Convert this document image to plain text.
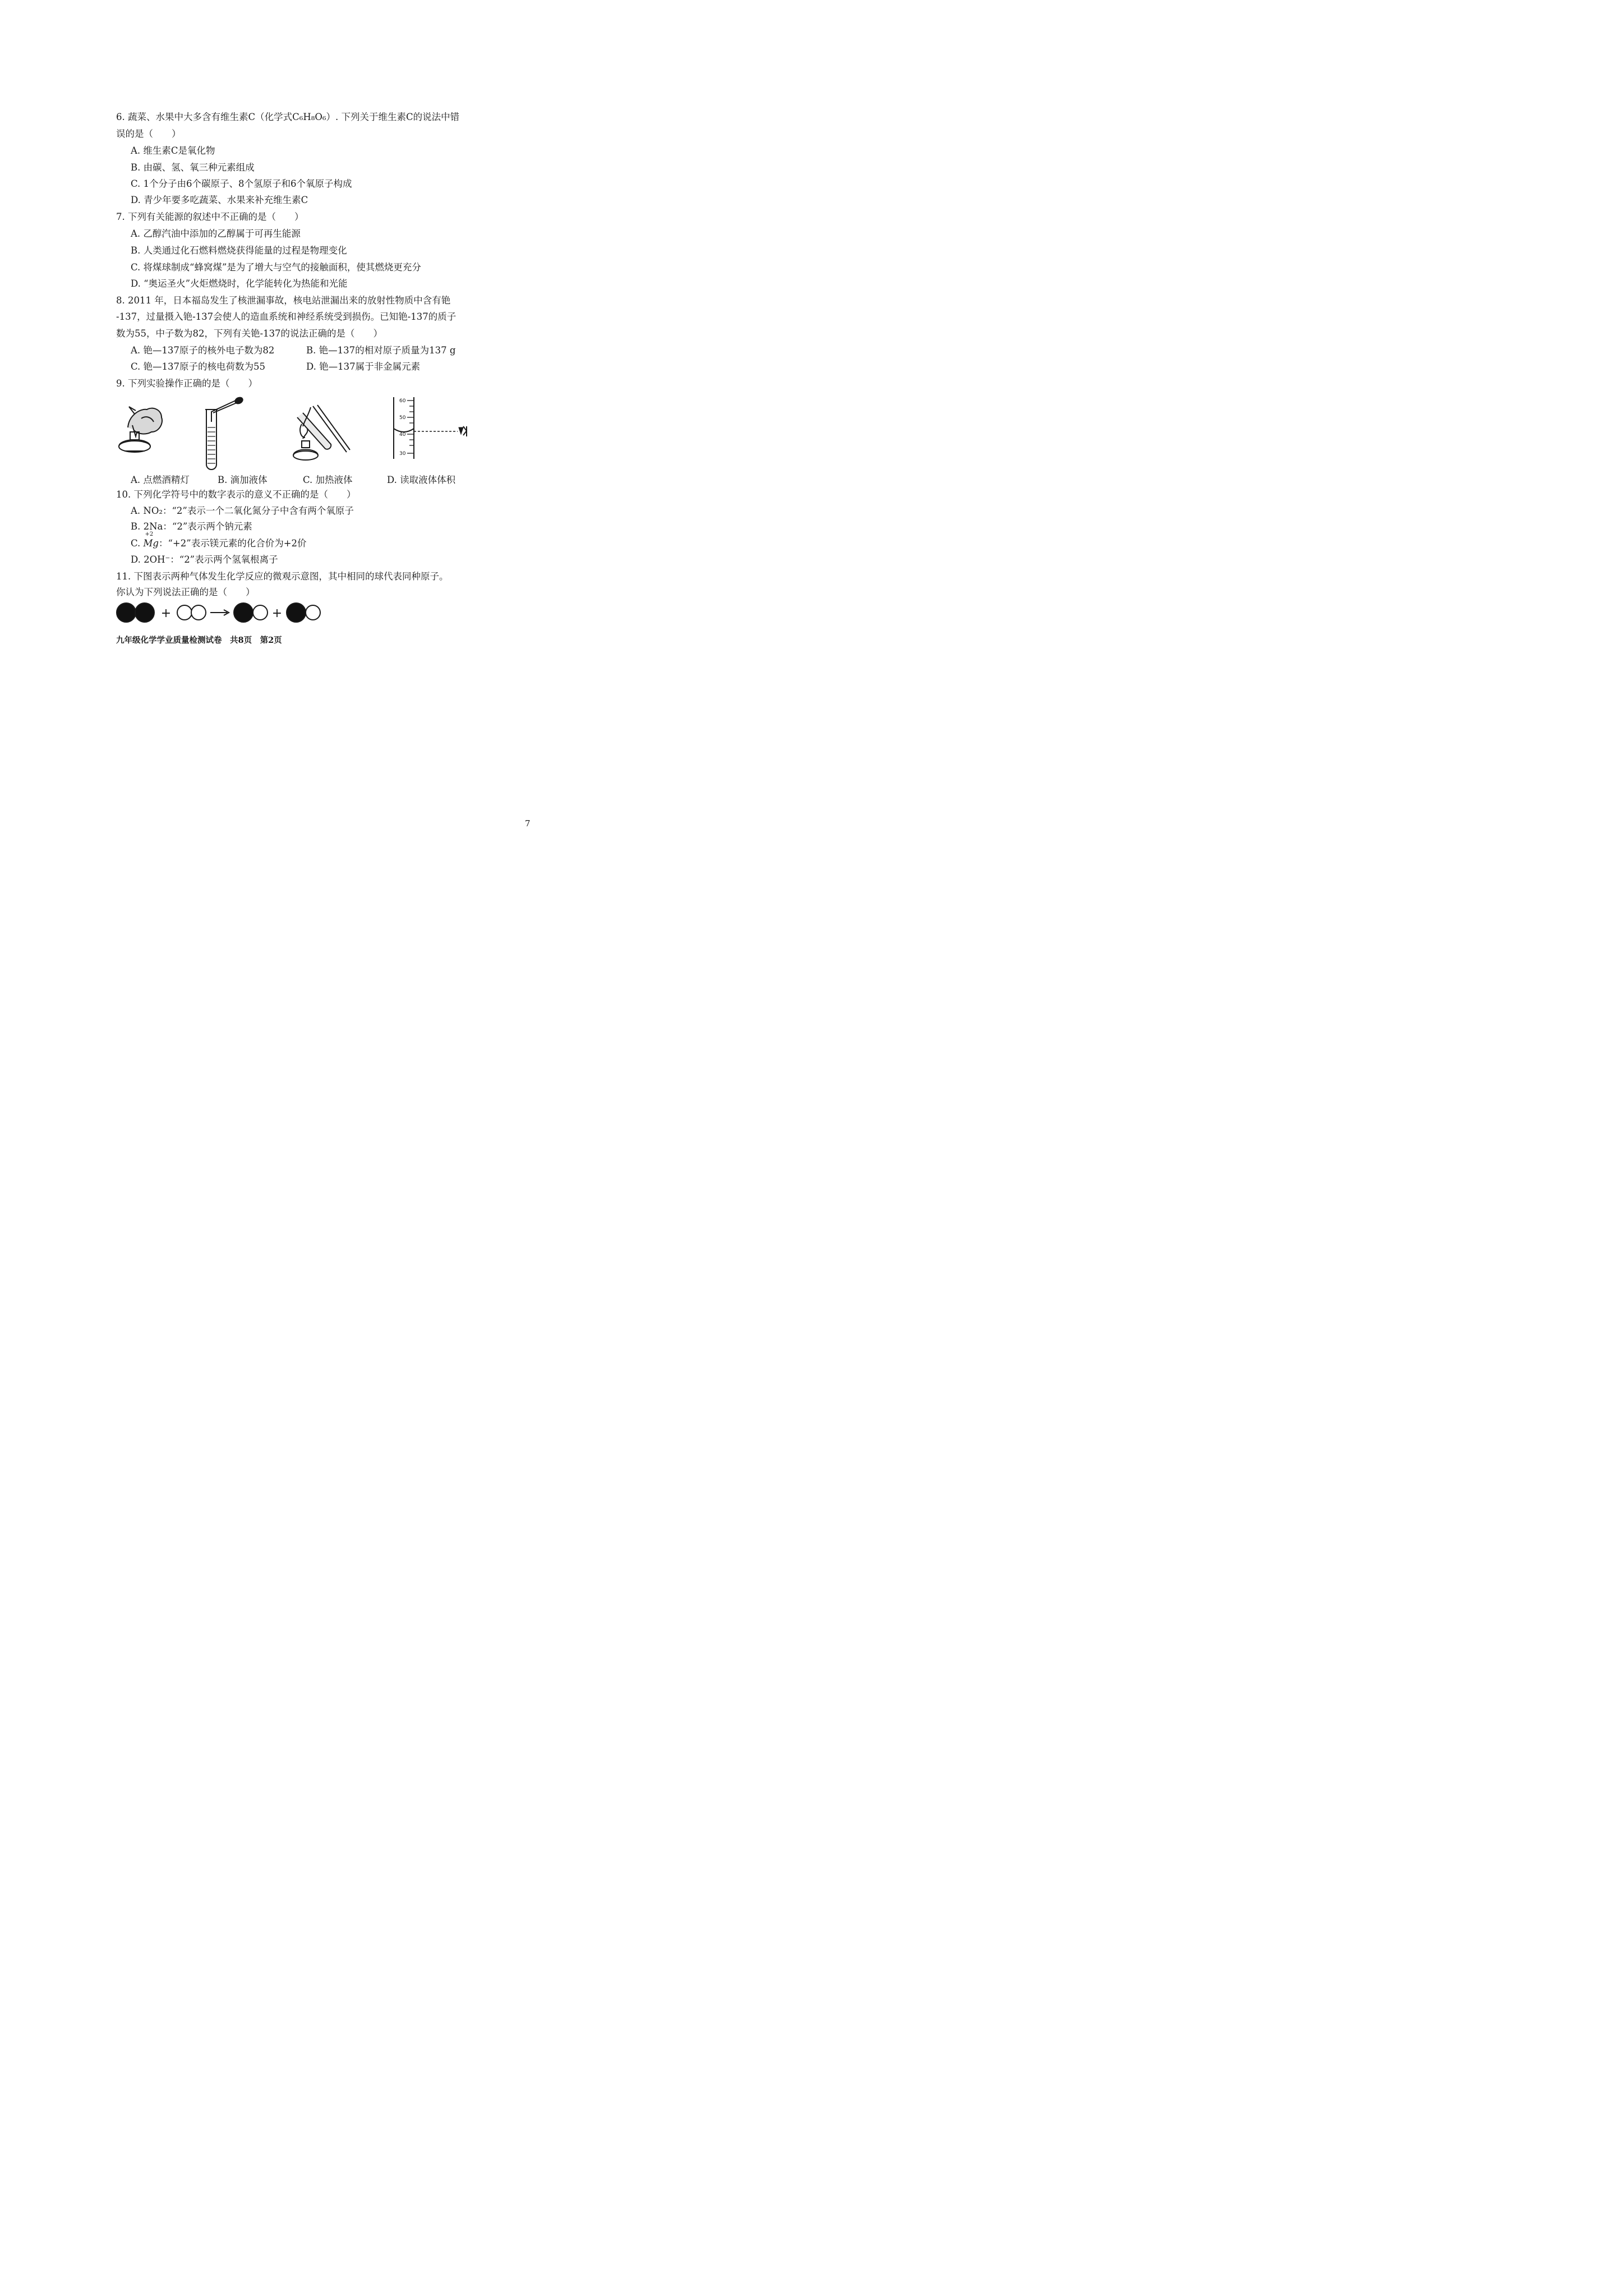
6. 蔬菜、水果中大多含有维生素C（化学式C₆H₈O₆）. 下列关于维生素C的说法中错
误的是（　　）
A. 维生素C是氧化物
B. 由碳、氢、氧三种元素组成
C. 1个分子由6个碳原子、8个氢原子和6个氧原子构成
D. 青少年要多吃蔬菜、水果来补充维生素C
7. 下列有关能源的叙述中不正确的是（　　）
A. 乙醇汽油中添加的乙醇属于可再生能源
B. 人类通过化石燃料燃烧获得能量的过程是物理变化
C. 将煤球制成“蜂窝煤”是为了增大与空气的接触面积，使其燃烧更充分
D. “奥运圣火”火炬燃烧时，化学能转化为热能和光能
8. 2011 年，日本福岛发生了核泄漏事故，核电站泄漏出来的放射性物质中含有铯
-137，过量摄入铯-137会使人的造血系统和神经系统受到损伤。已知铯-137的质子
数为55，中子数为82，下列有关铯-137的说法正确的是（　　）
A. 铯—137原子的核外电子数为82	B. 铯—137的相对原子质量为137 g
C. 铯—137原子的核电荷数为55	D. 铯—137属于非金属元素
9. 下列实验操作正确的是（　　）
60
50
40
30
A. 点燃酒精灯	B. 滴加液体	C. 加热液体	D. 读取液体体积
10. 下列化学符号中的数字表示的意义不正确的是（　　）
A. NO₂：“2”表示一个二氧化氮分子中含有两个氧原子
B. 2Na：“2”表示两个钠元素
C.
+2
Mg：“+2”表示镁元素的化合价为+2价
D. 2OH⁻：“2”表示两个氢氧根离子
11. 下图表示两种气体发生化学反应的微观示意图，其中相同的球代表同种原子。
你认为下列说法正确的是（　　）
+	+
九年级化学学业质量检测试卷　共8页　第2页
7
